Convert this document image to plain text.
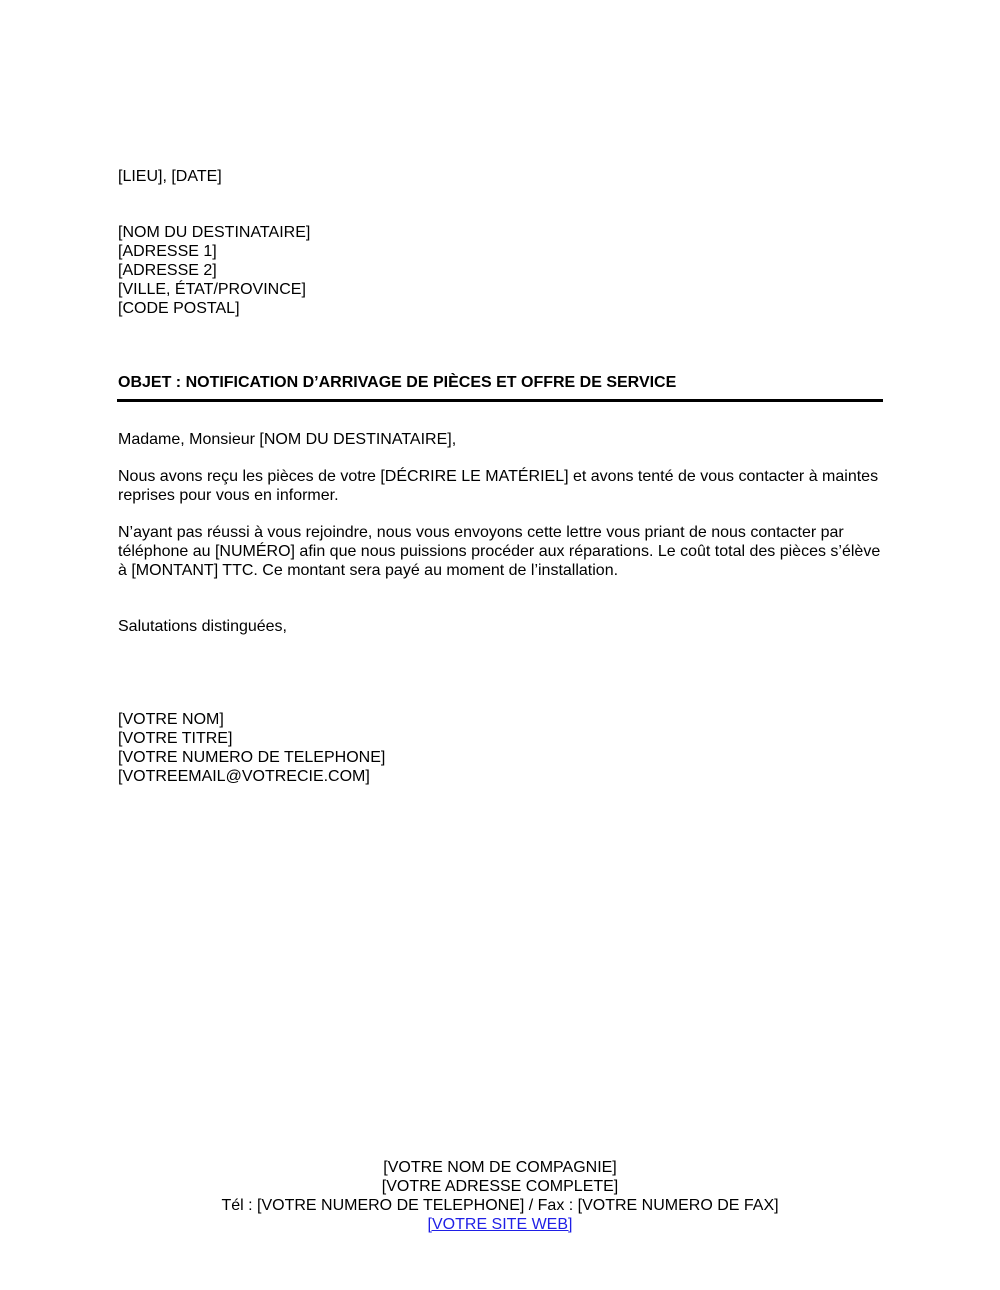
[LIEU], [DATE]
[NOM DU DESTINATAIRE]
[ADRESSE 1]
[ADRESSE 2]
[VILLE, ÉTAT/PROVINCE]
[CODE POSTAL]
OBJET : NOTIFICATION D’ARRIVAGE DE PIÈCES ET OFFRE DE SERVICE
Madame, Monsieur [NOM DU DESTINATAIRE],
Nous avons reçu les pièces de votre [DÉCRIRE LE MATÉRIEL] et avons tenté de vous contacter à maintes reprises pour vous en informer.
N’ayant pas réussi à vous rejoindre, nous vous envoyons cette lettre vous priant de nous contacter par téléphone au [NUMÉRO] afin que nous puissions procéder aux réparations. Le coût total des pièces s’élève à [MONTANT] TTC. Ce montant sera payé au moment de l’installation.
Salutations distinguées,
[VOTRE NOM]
[VOTRE TITRE]
[VOTRE NUMERO DE TELEPHONE]
[VOTREEMAIL@VOTRECIE.COM]
[VOTRE NOM DE COMPAGNIE]
[VOTRE ADRESSE COMPLETE]
Tél : [VOTRE NUMERO DE TELEPHONE] / Fax : [VOTRE NUMERO DE FAX]
[VOTRE SITE WEB]
